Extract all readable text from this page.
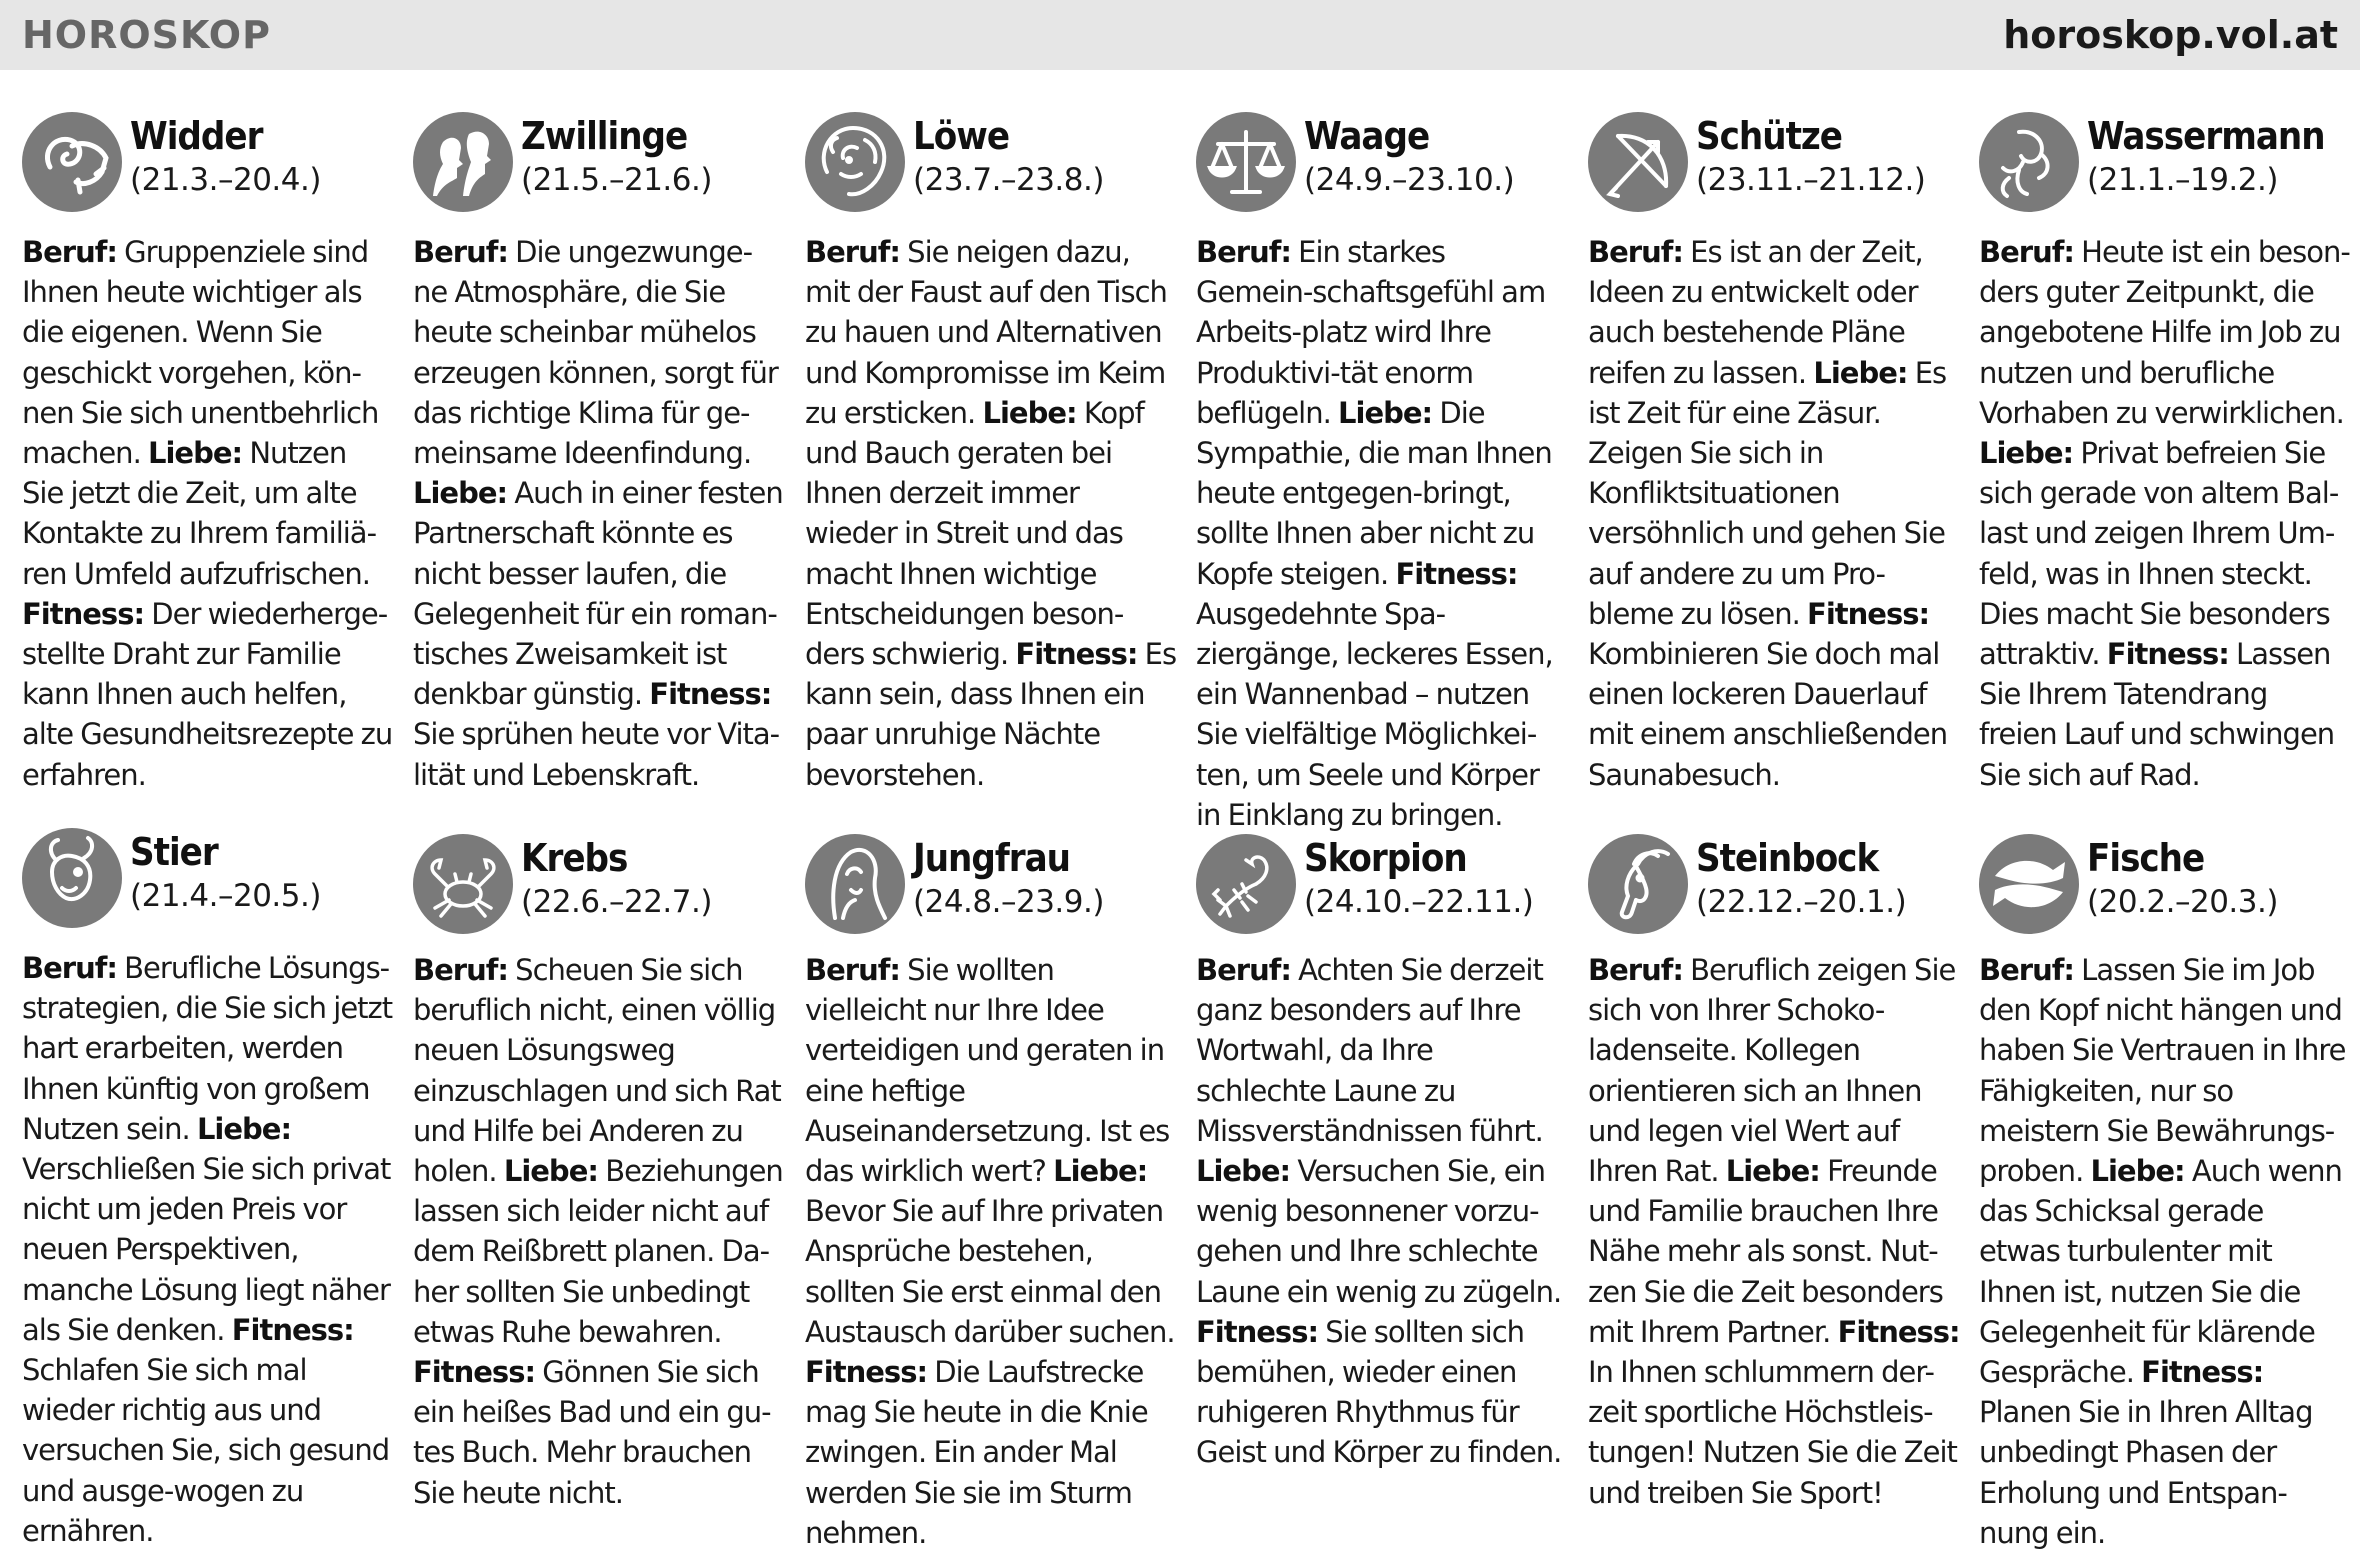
HOROSKOP	horoskop.vol.at
Widder
(21.3.–20.4.)
Beruf: Gruppenziele sind Ihnen heute wichtiger als die eigenen. Wenn Sie geschickt vorgehen, kön-nen Sie sich unentbehrlich machen. Liebe: Nutzen Sie jetzt die Zeit, um alte Kontakte zu Ihrem familiä-ren Umfeld aufzufrischen. Fitness: Der wiederherge-stellte Draht zur Familie kann Ihnen auch helfen, alte Gesundheitsrezepte zu erfahren.
Zwillinge
(21.5.–21.6.)
Beruf: Die ungezwunge-ne Atmosphäre, die Sie heute scheinbar mühelos erzeugen können, sorgt für das richtige Klima für ge-meinsame Ideenfindung. Liebe: Auch in einer festen Partnerschaft könnte es nicht besser laufen, die Gelegenheit für ein roman-tisches Zweisamkeit ist denkbar günstig. Fitness: Sie sprühen heute vor Vita-lität und Lebenskraft.
Löwe
(23.7.–23.8.)
Beruf: Sie neigen dazu, mit der Faust auf den Tisch zu hauen und Alternativen und Kompromisse im Keim zu ersticken. Liebe: Kopf und Bauch geraten bei Ihnen derzeit immer wieder in Streit und das macht Ihnen wichtige Entscheidungen beson-ders schwierig. Fitness: Es kann sein, dass Ihnen ein paar unruhige Nächte bevorstehen.
Waage
(24.9.–23.10.)
Beruf: Ein starkes Gemein-schaftsgefühl am Arbeits-platz wird Ihre Produktivi-tät enorm beflügeln. Liebe: Die Sympathie, die man Ihnen heute entgegen-bringt, sollte Ihnen aber nicht zu Kopfe steigen. Fitness: Ausgedehnte Spa-ziergänge, leckeres Essen, ein Wannenbad – nutzen Sie vielfältige Möglichkei-ten, um Seele und Körper in Einklang zu bringen.
Schütze
(23.11.–21.12.)
Beruf: Es ist an der Zeit, Ideen zu entwickelt oder auch bestehende Pläne reifen zu lassen. Liebe: Es ist Zeit für eine Zäsur. Zeigen Sie sich in Konfliktsituationen versöhnlich und gehen Sie auf andere zu um Pro-bleme zu lösen. Fitness: Kombinieren Sie doch mal einen lockeren Dauerlauf mit einem anschließenden Saunabesuch.
Wassermann
(21.1.–19.2.)
Beruf: Heute ist ein beson-ders guter Zeitpunkt, die angebotene Hilfe im Job zu nutzen und berufliche Vorhaben zu verwirklichen. Liebe: Privat befreien Sie sich gerade von altem Bal-last und zeigen Ihrem Um-feld, was in Ihnen steckt. Dies macht Sie besonders attraktiv. Fitness: Lassen Sie Ihrem Tatendrang freien Lauf und schwingen Sie sich auf Rad.
Stier
(21.4.–20.5.)
Beruf: Berufliche Lösungs-strategien, die Sie sich jetzt hart erarbeiten, werden Ihnen künftig von großem Nutzen sein. Liebe: Verschließen Sie sich privat nicht um jeden Preis vor neuen Perspektiven, manche Lösung liegt näher als Sie denken. Fitness: Schlafen Sie sich mal wieder richtig aus und versuchen Sie, sich gesund und ausge-wogen zu ernähren.
Krebs
(22.6.–22.7.)
Beruf: Scheuen Sie sich beruflich nicht, einen völlig neuen Lösungsweg einzuschlagen und sich Rat und Hilfe bei Anderen zu holen. Liebe: Beziehungen lassen sich leider nicht auf dem Reißbrett planen. Da-her sollten Sie unbedingt etwas Ruhe bewahren. Fitness: Gönnen Sie sich ein heißes Bad und ein gu-tes Buch. Mehr brauchen Sie heute nicht.
Jungfrau
(24.8.–23.9.)
Beruf: Sie wollten vielleicht nur Ihre Idee verteidigen und geraten in eine heftige Auseinandersetzung. Ist es das wirklich wert? Liebe: Bevor Sie auf Ihre privaten Ansprüche bestehen, sollten Sie erst einmal den Austausch darüber suchen. Fitness: Die Laufstrecke mag Sie heute in die Knie zwingen. Ein ander Mal werden Sie sie im Sturm nehmen.
Skorpion
(24.10.–22.11.)
Beruf: Achten Sie derzeit ganz besonders auf Ihre Wortwahl, da Ihre schlechte Laune zu Missverständnissen führt. Liebe: Versuchen Sie, ein wenig besonnener vorzu-gehen und Ihre schlechte Laune ein wenig zu zügeln. Fitness: Sie sollten sich bemühen, wieder einen ruhigeren Rhythmus für Geist und Körper zu finden.
Steinbock
(22.12.–20.1.)
Beruf: Beruflich zeigen Sie sich von Ihrer Schoko-ladenseite. Kollegen orientieren sich an Ihnen und legen viel Wert auf Ihren Rat. Liebe: Freunde und Familie brauchen Ihre Nähe mehr als sonst. Nut-zen Sie die Zeit besonders mit Ihrem Partner. Fitness: In Ihnen schlummern der-zeit sportliche Höchstleis-tungen! Nutzen Sie die Zeit und treiben Sie Sport!
Fische
(20.2.–20.3.)
Beruf: Lassen Sie im Job den Kopf nicht hängen und haben Sie Vertrauen in Ihre Fähigkeiten, nur so meistern Sie Bewährungs-proben. Liebe: Auch wenn das Schicksal gerade etwas turbulenter mit Ihnen ist, nutzen Sie die Gelegenheit für klärende Gespräche. Fitness: Planen Sie in Ihren Alltag unbedingt Phasen der Erholung und Entspan-nung ein.
